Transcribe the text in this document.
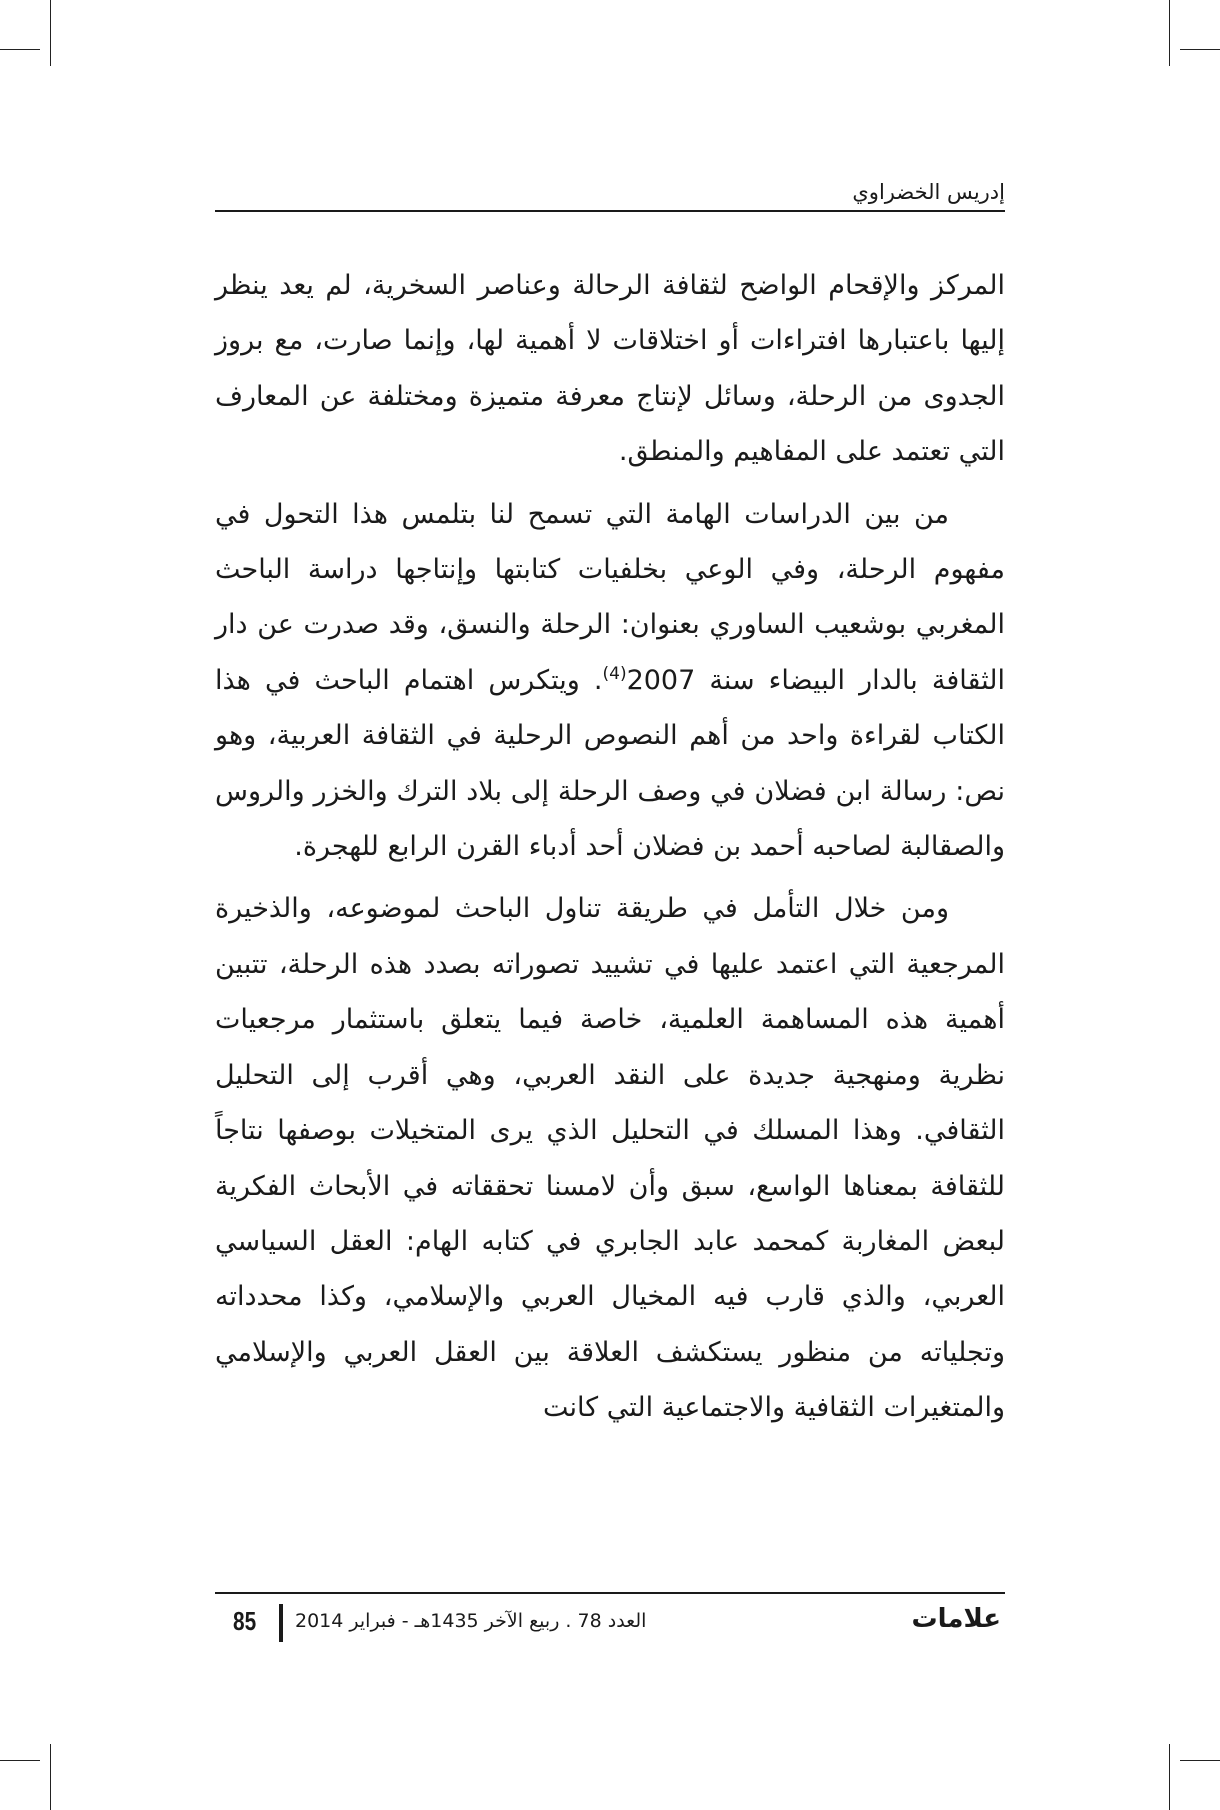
إدريس الخضراوي

المركز والإقحام الواضح لثقافة الرحالة وعناصر السخرية، لم يعد ينظر إليها باعتبارها افتراءات أو اختلاقات لا أهمية لها، وإنما صارت، مع بروز الجدوى من الرحلة، وسائل لإنتاج معرفة متميزة ومختلفة عن المعارف التي تعتمد على المفاهيم والمنطق.

من بين الدراسات الهامة التي تسمح لنا بتلمس هذا التحول في مفهوم الرحلة، وفي الوعي بخلفيات كتابتها وإنتاجها دراسة الباحث المغربي بوشعيب الساوري بعنوان: الرحلة والنسق، وقد صدرت عن دار الثقافة بالدار البيضاء سنة 2007$^{(4)}$. ويتكرس اهتمام الباحث في هذا الكتاب لقراءة واحد من أهم النصوص الرحلية في الثقافة العربية، وهو نص: رسالة ابن فضلان في وصف الرحلة إلى بلاد الترك والخزر والروس والصقالبة لصاحبه أحمد بن فضلان أحد أدباء القرن الرابع للهجرة.

ومن خلال التأمل في طريقة تناول الباحث لموضوعه، والذخيرة المرجعية التي اعتمد عليها في تشييد تصوراته بصدد هذه الرحلة، تتبين أهمية هذه المساهمة العلمية، خاصة فيما يتعلق باستثمار مرجعيات نظرية ومنهجية جديدة على النقد العربي، وهي أقرب إلى التحليل الثقافي. وهذا المسلك في التحليل الذي يرى المتخيلات بوصفها نتاجاً للثقافة بمعناها الواسع، سبق وأن لامسنا تحققاته في الأبحاث الفكرية لبعض المغاربة كمحمد عابد الجابري في كتابه الهام: العقل السياسي العربي، والذي قارب فيه المخيال العربي والإسلامي، وكذا محدداته وتجلياته من منظور يستكشف العلاقة بين العقل العربي والإسلامي والمتغيرات الثقافية والاجتماعية التي كانت

85 العدد 78 . ربيع الآخر 1435هـ - فبراير 2014	علامات
